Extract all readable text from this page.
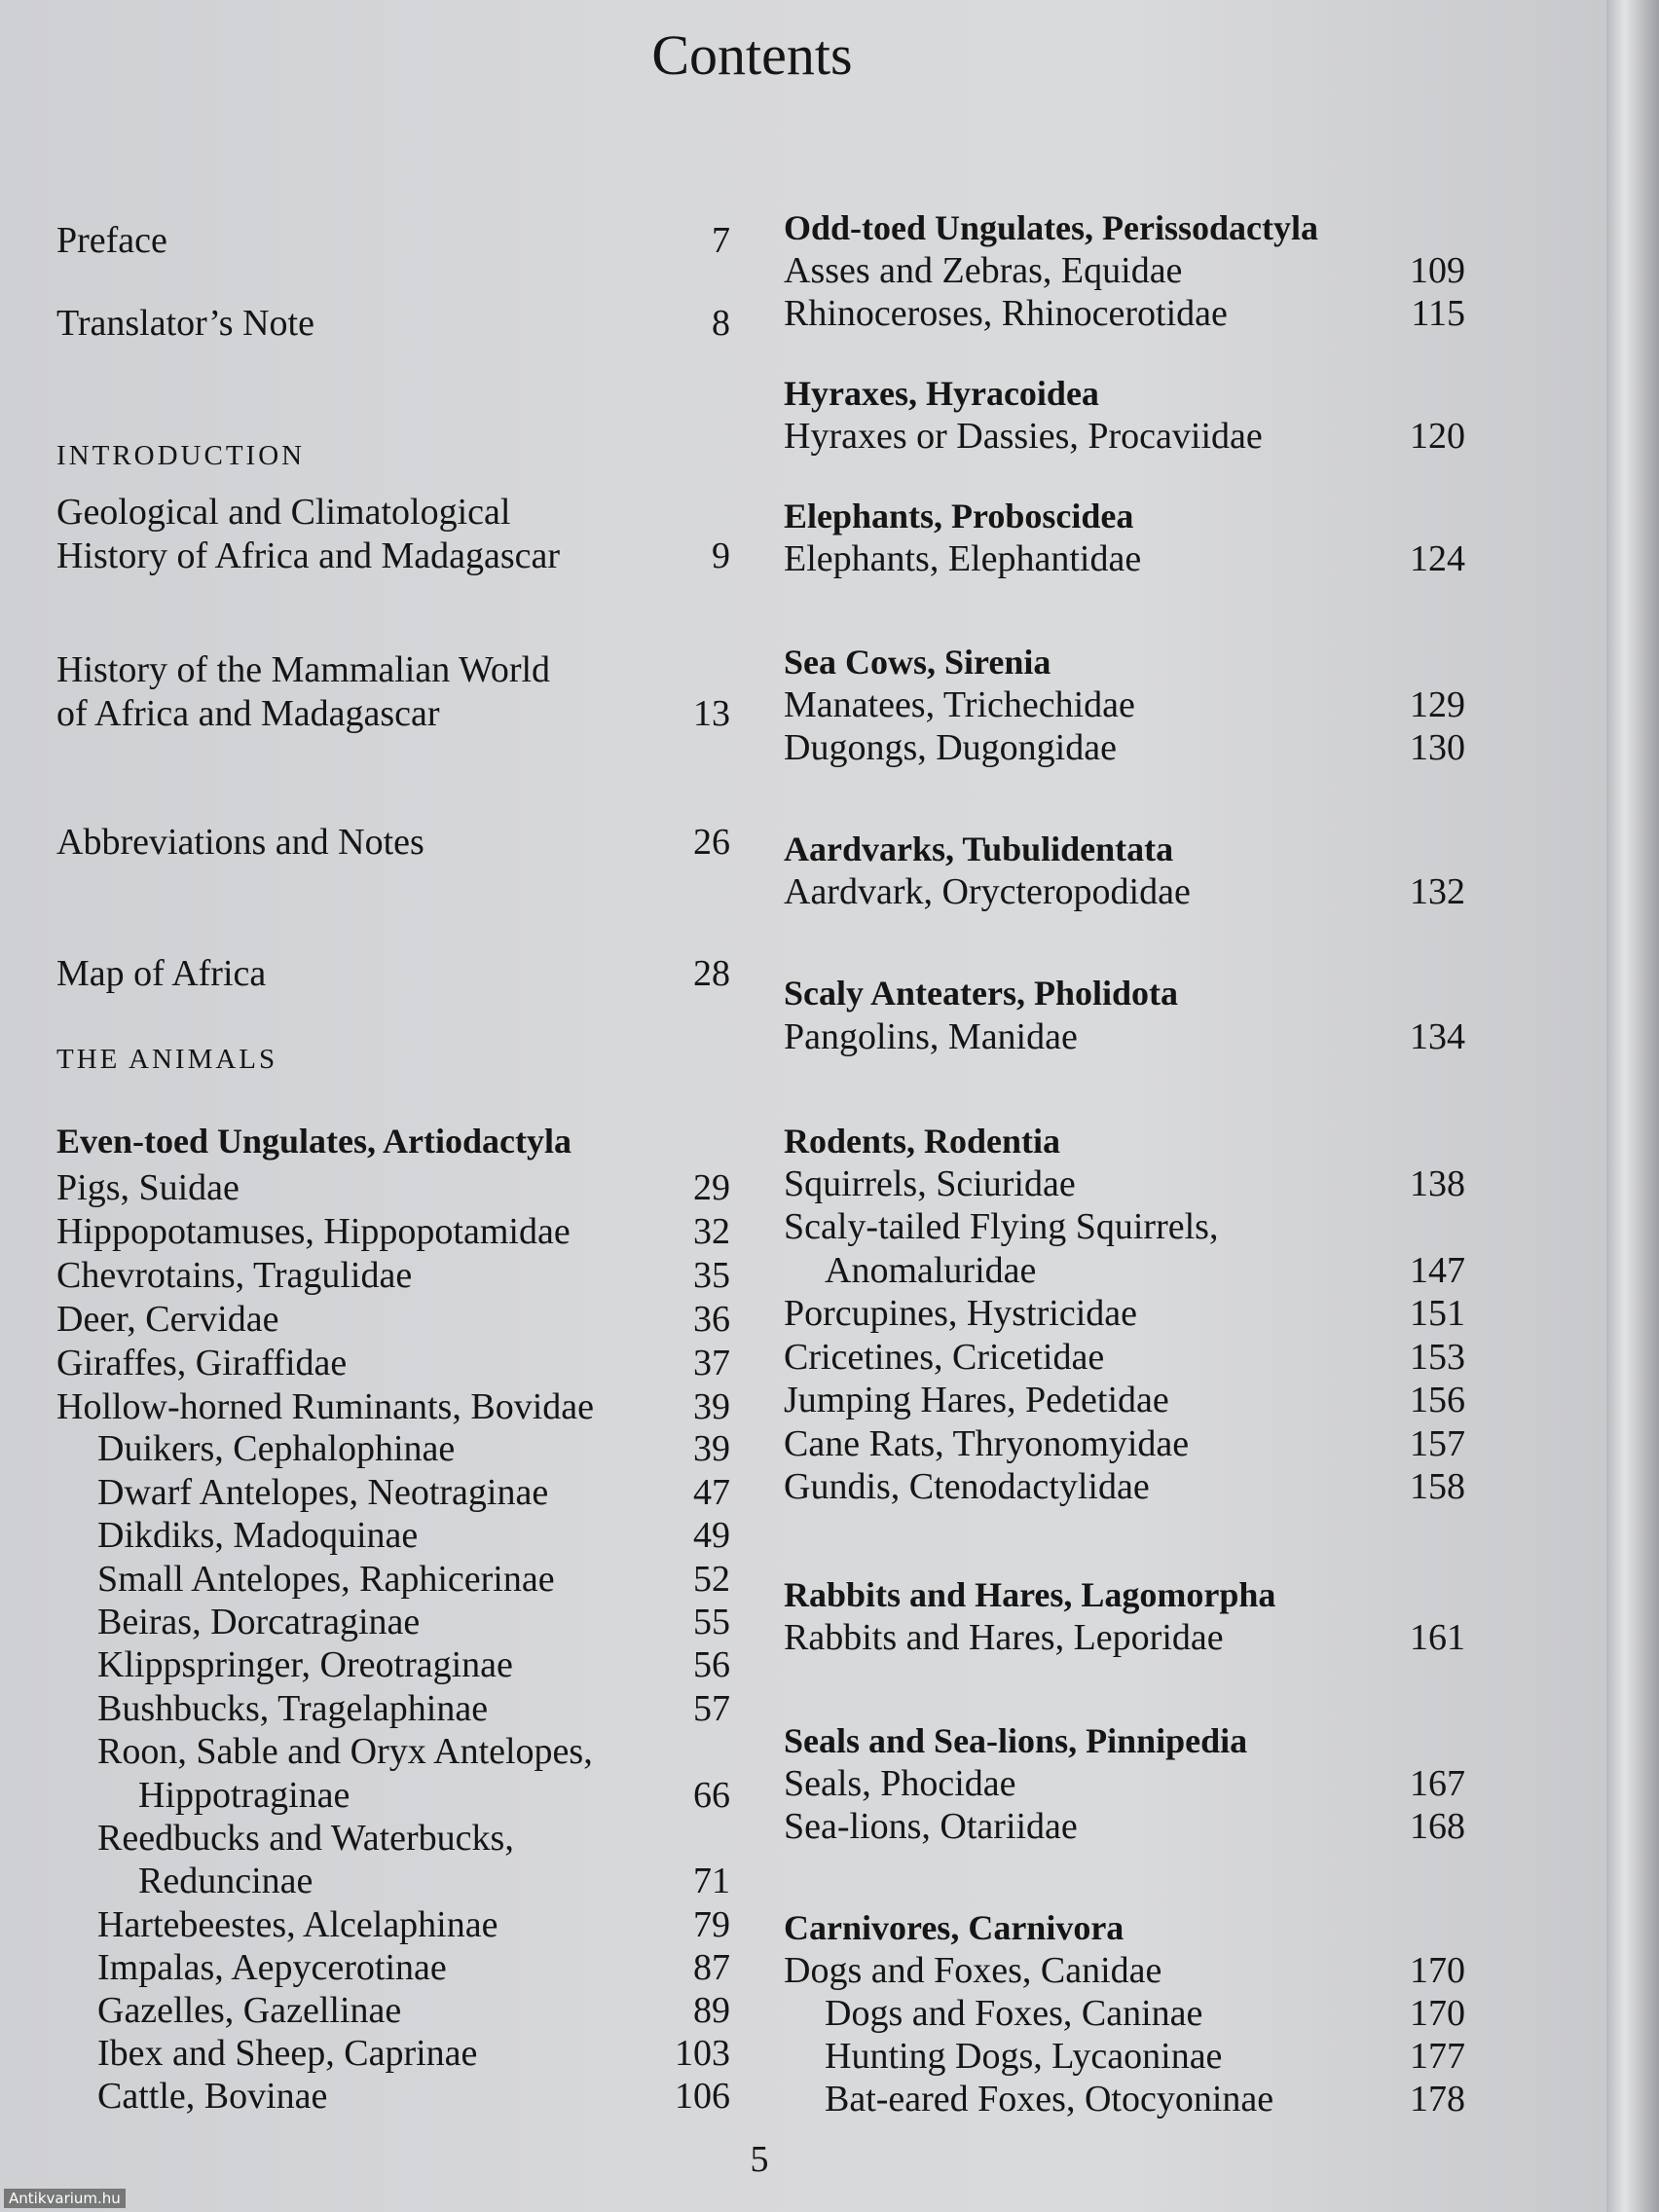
Contents
Preface	7
Translator’s Note	8
INTRODUCTION
Geological and Climatological
History of Africa and Madagascar	9
History of the Mammalian World
of Africa and Madagascar	13
Abbreviations and Notes	26
Map of Africa	28
THE ANIMALS
Even-toed Ungulates, Artiodactyla
Pigs, Suidae	29
Hippopotamuses, Hippopotamidae	32
Chevrotains, Tragulidae	35
Deer, Cervidae	36
Giraffes, Giraffidae	37
Hollow-horned Ruminants, Bovidae	39
Duikers, Cephalophinae	39
Dwarf Antelopes, Neotraginae	47
Dikdiks, Madoquinae	49
Small Antelopes, Raphicerinae	52
Beiras, Dorcatraginae	55
Klippspringer, Oreotraginae	56
Bushbucks, Tragelaphinae	57
Roon, Sable and Oryx Antelopes,
Hippotraginae	66
Reedbucks and Waterbucks,
Reduncinae	71
Hartebeestes, Alcelaphinae	79
Impalas, Aepycerotinae	87
Gazelles, Gazellinae	89
Ibex and Sheep, Caprinae	103
Cattle, Bovinae	106
Odd-toed Ungulates, Perissodactyla
Asses and Zebras, Equidae	109
Rhinoceroses, Rhinocerotidae	115
Hyraxes, Hyracoidea
Hyraxes or Dassies, Procaviidae	120
Elephants, Proboscidea
Elephants, Elephantidae	124
Sea Cows, Sirenia
Manatees, Trichechidae	129
Dugongs, Dugongidae	130
Aardvarks, Tubulidentata
Aardvark, Orycteropodidae	132
Scaly Anteaters, Pholidota
Pangolins, Manidae	134
Rodents, Rodentia
Squirrels, Sciuridae	138
Scaly-tailed Flying Squirrels,
Anomaluridae	147
Porcupines, Hystricidae	151
Cricetines, Cricetidae	153
Jumping Hares, Pedetidae	156
Cane Rats, Thryonomyidae	157
Gundis, Ctenodactylidae	158
Rabbits and Hares, Lagomorpha
Rabbits and Hares, Leporidae	161
Seals and Sea-lions, Pinnipedia
Seals, Phocidae	167
Sea-lions, Otariidae	168
Carnivores, Carnivora
Dogs and Foxes, Canidae	170
Dogs and Foxes, Caninae	170
Hunting Dogs, Lycaoninae	177
Bat-eared Foxes, Otocyoninae	178
5
Antikvarium.hu
